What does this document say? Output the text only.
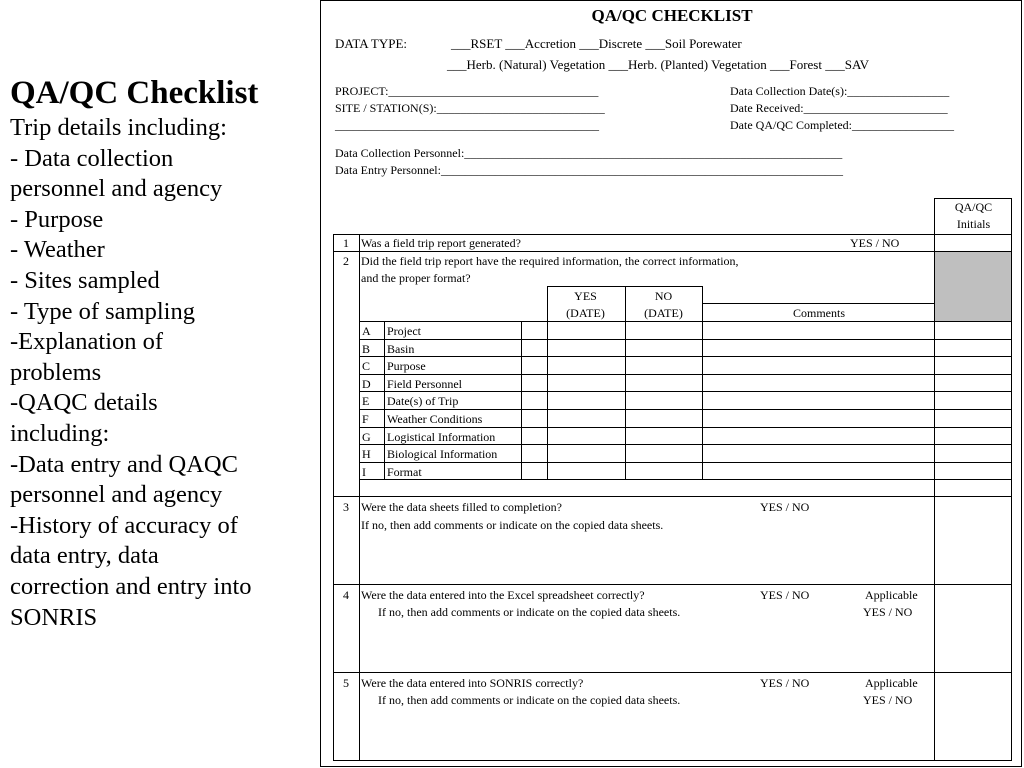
QA/QC Checklist
Trip details including:
- Data collection
personnel and agency
- Purpose
- Weather
- Sites sampled
- Type of sampling
-Explanation of
problems
-QAQC details
including:
-Data entry and QAQC
personnel and agency
-History of accuracy of
data entry, data
correction and entry into
SONRIS
QA/QC CHECKLIST
DATA TYPE:	___RSET ___Accretion ___Discrete ___Soil Porewater
___Herb. (Natural) Vegetation ___Herb. (Planted) Vegetation ___Forest ___SAV
PROJECT:___________________________________
SITE / STATION(S):____________________________
____________________________________________
Data Collection Date(s):_________________
Date Received:________________________
Date QA/QC Completed:_________________
Data Collection Personnel:_______________________________________________________________
Data Entry Personnel:___________________________________________________________________
QA/QC
Initials
1	Was a field trip report generated?	YES / NO
2	Did the field trip report have the required information, the correct information,
and the proper format?
YES
(DATE)
NO
(DATE)	Comments
A Project
B Basin
C Purpose
D Field Personnel
E Date(s) of Trip
F Weather Conditions
G Logistical Information
H Biological Information
I Format
3	Were the data sheets filled to completion?	YES / NO
If no, then add comments or indicate on the copied data sheets.
4	Were the data entered into the Excel spreadsheet correctly?	YES / NO	Applicable
If no, then add comments or indicate on the copied data sheets.	YES / NO
5	Were the data entered into SONRIS correctly?	YES / NO	Applicable
If no, then add comments or indicate on the copied data sheets.	YES / NO
